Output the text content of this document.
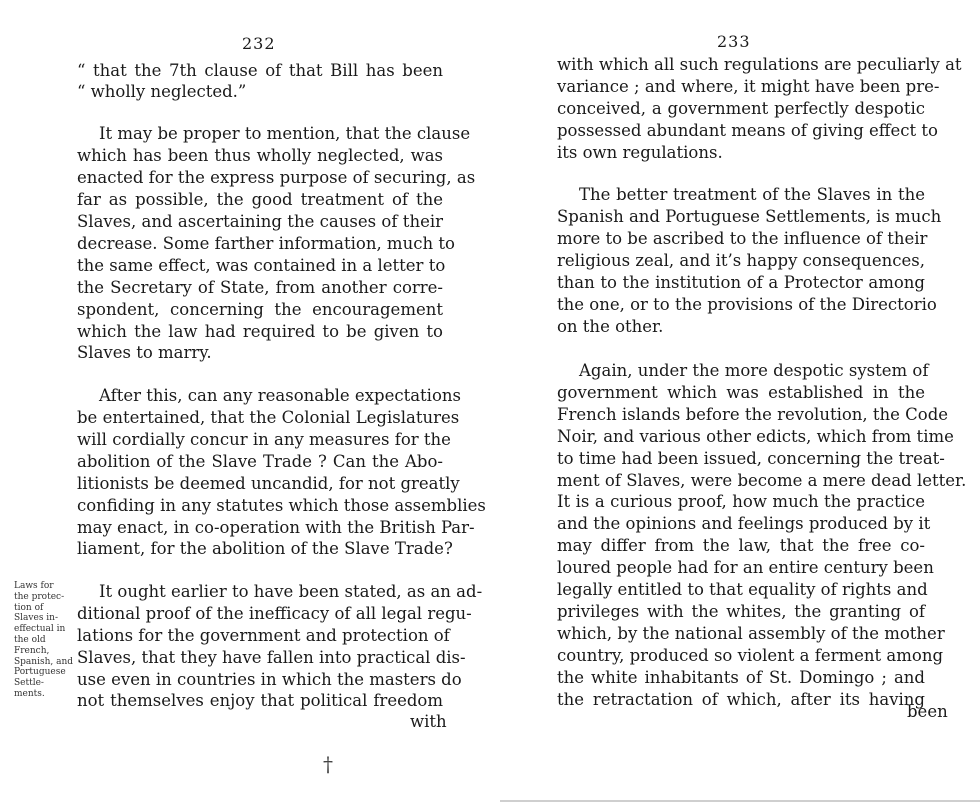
232
“ that the 7th clause of that Bill has been
“ wholly neglected.”
It may be proper to mention, that the clause
which has been thus wholly neglected, was
enacted for the express purpose of securing, as
far as possible, the good treatment of the
Slaves, and ascertaining the causes of their
decrease. Some farther information, much to
the same effect, was contained in a letter to
the Secretary of State, from another corre-
spondent, concerning the encouragement
which the law had required to be given to
Slaves to marry.
After this, can any reasonable expectations
be entertained, that the Colonial Legislatures
will cordially concur in any measures for the
abolition of the Slave Trade ? Can the Abo-
litionists be deemed uncandid, for not greatly
confiding in any statutes which those assemblies
may enact, in co-operation with the British Par-
liament, for the abolition of the Slave Trade?
Laws for
the protec-
tion of
Slaves in-
effectual in
the old
French,
Spanish, and
Portuguese
Settle-
ments.
It ought earlier to have been stated, as an ad-
ditional proof of the inefficacy of all legal regu-
lations for the government and protection of
Slaves, that they have fallen into practical dis-
use even in countries in which the masters do
not themselves enjoy that political freedom
with
†
233
with which all such regulations are peculiarly at
variance ; and where, it might have been pre-
conceived, a government perfectly despotic
possessed abundant means of giving effect to
its own regulations.
The better treatment of the Slaves in the
Spanish and Portuguese Settlements, is much
more to be ascribed to the influence of their
religious zeal, and it’s happy consequences,
than to the institution of a Protector among
the one, or to the provisions of the Directorio
on the other.
Again, under the more despotic system of
government which was established in the
French islands before the revolution, the Code
Noir, and various other edicts, which from time
to time had been issued, concerning the treat-
ment of Slaves, were become a mere dead letter.
It is a curious proof, how much the practice
and the opinions and feelings produced by it
may differ from the law, that the free co-
loured people had for an entire century been
legally entitled to that equality of rights and
privileges with the whites, the granting of
which, by the national assembly of the mother
country, produced so violent a ferment among
the white inhabitants of St. Domingo ; and
the retractation of which, after its having
been
